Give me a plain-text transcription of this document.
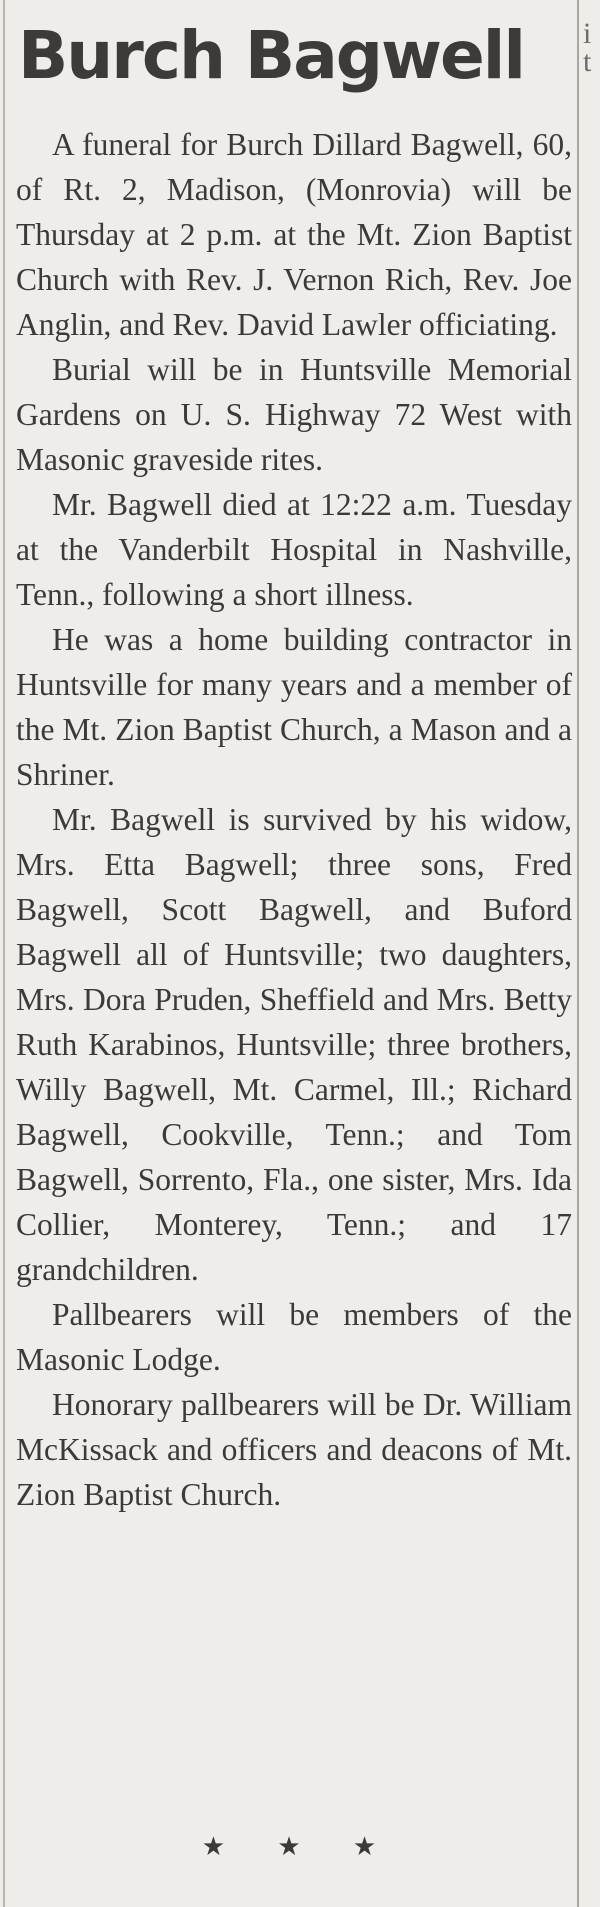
i t
Burch Bagwell

A funeral for Burch Dillard Bagwell, 60, of Rt. 2, Madison, (Monrovia) will be Thursday at 2 p.m. at the Mt. Zion Baptist Church with Rev. J. Vernon Rich, Rev. Joe Anglin, and Rev. David Lawler officiating.

Burial will be in Huntsville Memorial Gardens on U. S. Highway 72 West with Masonic graveside rites.

Mr. Bagwell died at 12:22 a.m. Tuesday at the Vanderbilt Hospital in Nashville, Tenn., following a short illness.

He was a home building contractor in Huntsville for many years and a member of the Mt. Zion Baptist Church, a Mason and a Shriner.

Mr. Bagwell is survived by his widow, Mrs. Etta Bagwell; three sons, Fred Bagwell, Scott Bagwell, and Buford Bagwell all of Huntsville; two daughters, Mrs. Dora Pruden, Sheffield and Mrs. Betty Ruth Karabinos, Huntsville; three brothers, Willy Bagwell, Mt. Carmel, Ill.; Richard Bagwell, Cookville, Tenn.; and Tom Bagwell, Sorrento, Fla., one sister, Mrs. Ida Collier, Monterey, Tenn.; and 17 grandchildren.

Pallbearers will be members of the Masonic Lodge.

Honorary pallbearers will be Dr. William McKissack and officers and deacons of Mt. Zion Baptist Church.

★ ★ ★
